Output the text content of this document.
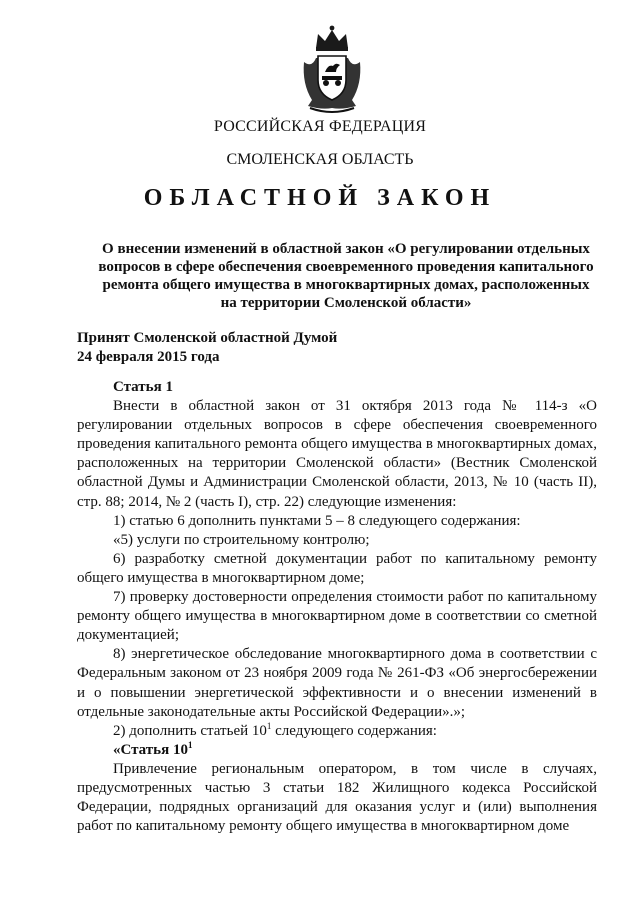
РОССИЙСКАЯ ФЕДЕРАЦИЯ
СМОЛЕНСКАЯ ОБЛАСТЬ
ОБЛАСТНОЙ ЗАКОН
О внесении изменений в областной закон «О регулировании отдельных вопросов в сфере обеспечения своевременного проведения капитального ремонта общего имущества в многоквартирных домах, расположенных на территории Смоленской области»
Принят Смоленской областной Думой
24 февраля 2015 года

Статья 1

Внести в областной закон от 31 октября 2013 года № 114-з «О регулировании отдельных вопросов в сфере обеспечения своевременного проведения капитального ремонта общего имущества в многоквартирных домах, расположенных на территории Смоленской области» (Вестник Смоленской областной Думы и Администрации Смоленской области, 2013, № 10 (часть II), стр. 88; 2014, № 2 (часть I), стр. 22) следующие изменения:

1) статью 6 дополнить пунктами 5 – 8 следующего содержания:

«5) услуги по строительному контролю;

6) разработку сметной документации работ по капитальному ремонту общего имущества в многоквартирном доме;

7) проверку достоверности определения стоимости работ по капитальному ремонту общего имущества в многоквартирном доме в соответствии со сметной документацией;

8) энергетическое обследование многоквартирного дома в соответствии с Федеральным законом от 23 ноября 2009 года № 261-ФЗ «Об энергосбережении и о повышении энергетической эффективности и о внесении изменений в отдельные законодательные акты Российской Федерации».»;

2) дополнить статьей $10^1$ следующего содержания:

«Статья $10^1$

Привлечение региональным оператором, в том числе в случаях, предусмотренных частью 3 статьи 182 Жилищного кодекса Российской Федерации, подрядных организаций для оказания услуг и (или) выполнения работ по капитальному ремонту общего имущества в многоквартирном доме
